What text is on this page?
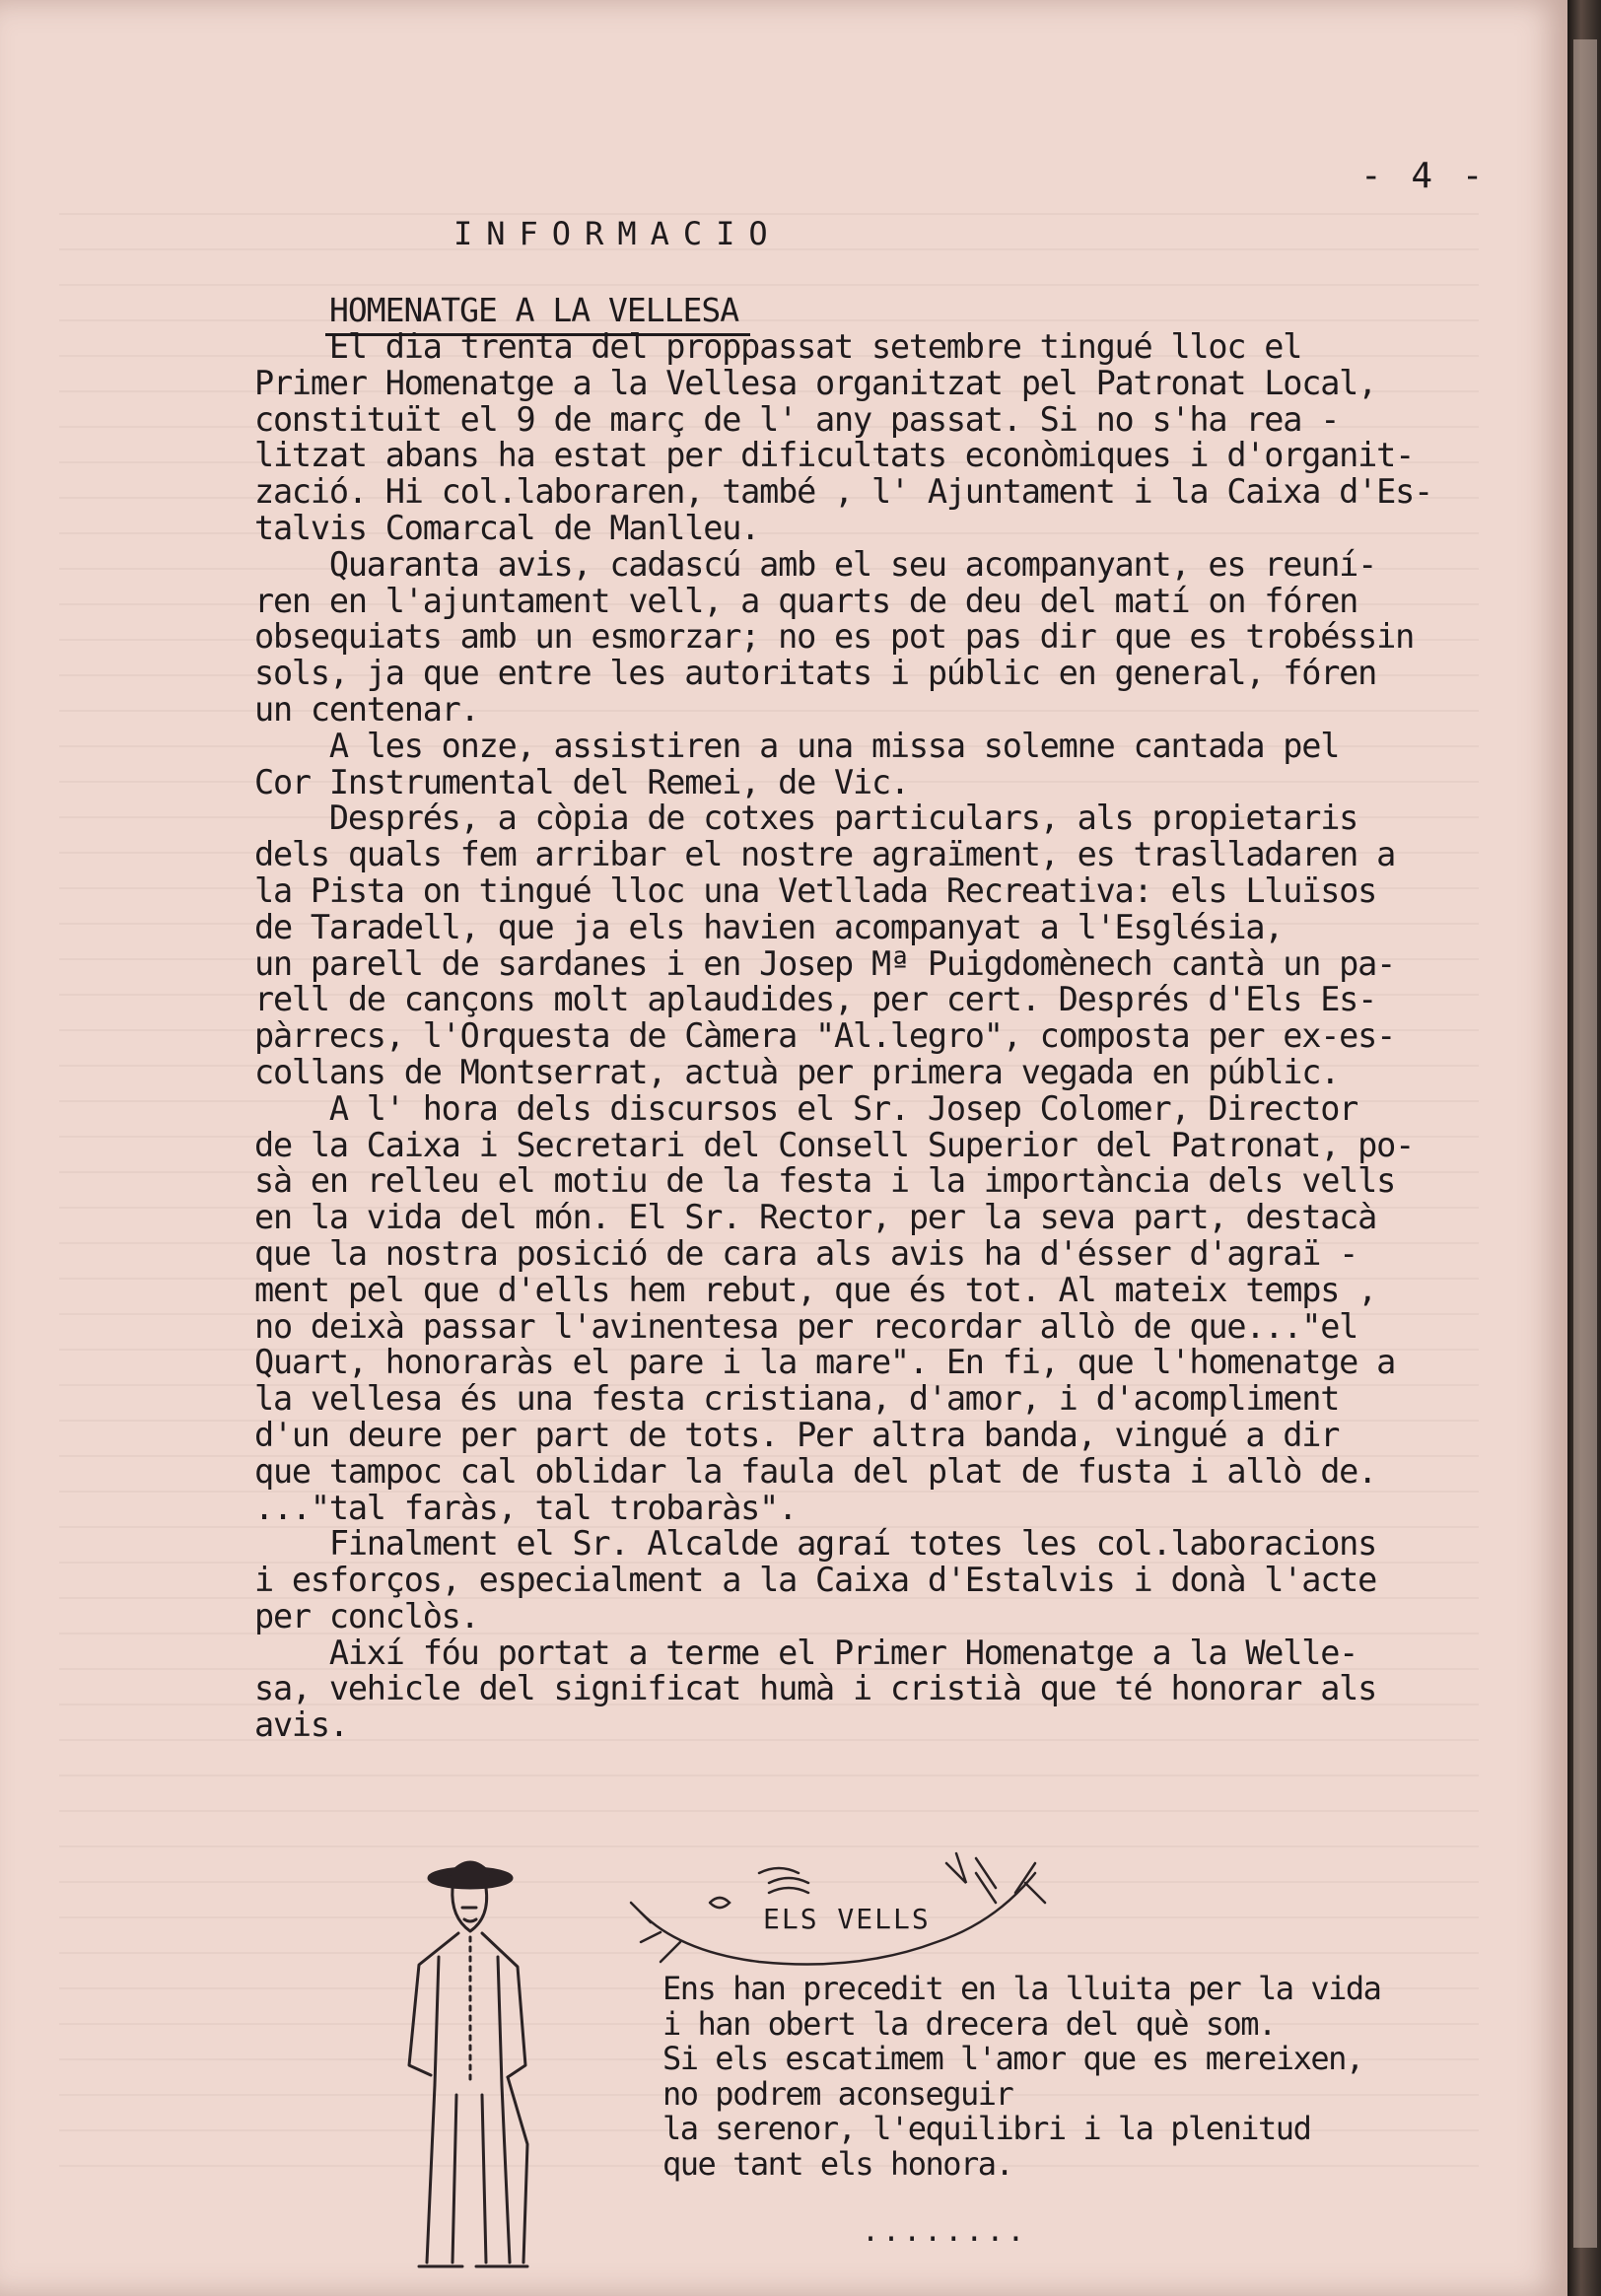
- 4 -
INFORMACIO
HOMENATGE A LA VELLESA

El dia trenta del proppassat setembre tingué lloc el

Primer Homenatge a la Vellesa organitzat pel Patronat Local,

constituït el 9 de març de l' any passat. Si no s'ha rea -

litzat abans ha estat per dificultats econòmiques i d'organit-

zació. Hi col.laboraren, també , l' Ajuntament i la Caixa d'Es-

talvis Comarcal de Manlleu.

Quaranta avis, cadascú amb el seu acompanyant, es reuní-

ren en l'ajuntament vell, a quarts de deu del matí on fóren

obsequiats amb un esmorzar; no es pot pas dir que es trobéssin

sols, ja que entre les autoritats i públic en general, fóren

un centenar.

A les onze, assistiren a una missa solemne cantada pel

Cor Instrumental del Remei, de Vic.

Després, a còpia de cotxes particulars, als propietaris

dels quals fem arribar el nostre agraïment, es traslladaren a

la Pista on tingué lloc una Vetllada Recreativa: els Lluïsos

de Taradell, que ja els havien acompanyat a l'Església,

un parell de sardanes i en Josep Mª Puigdomènech cantà un pa-

rell de cançons molt aplaudides, per cert. Després d'Els Es-

pàrrecs, l'Orquesta de Càmera "Al.legro", composta per ex-es-

collans de Montserrat, actuà per primera vegada en públic.

A l' hora dels discursos el Sr. Josep Colomer, Director

de la Caixa i Secretari del Consell Superior del Patronat, po-

sà en relleu el motiu de la festa i la importància dels vells

en la vida del món. El Sr. Rector, per la seva part, destacà

que la nostra posició de cara als avis ha d'ésser d'agraï -

ment pel que d'ells hem rebut, que és tot. Al mateix temps ,

no deixà passar l'avinentesa per recordar allò de que..."el

Quart, honoraràs el pare i la mare". En fi, que l'homenatge a

la vellesa és una festa cristiana, d'amor, i d'acompliment

d'un deure per part de tots. Per altra banda, vingué a dir

que tampoc cal oblidar la faula del plat de fusta i allò de.

..."tal faràs, tal trobaràs".

Finalment el Sr. Alcalde agraí totes les col.laboracions

i esforços, especialment a la Caixa d'Estalvis i donà l'acte

per conclòs.

Així fóu portat a terme el Primer Homenatge a la Welle-

sa, vehicle del significat humà i cristià que té honorar als

avis.

ELS VELLS

Ens han precedit en la lluita per la vida

i han obert la drecera del què som.

Si els escatimem l'amor que es mereixen,

no podrem aconseguir

la serenor, l'equilibri i la plenitud

que tant els honora.

........
